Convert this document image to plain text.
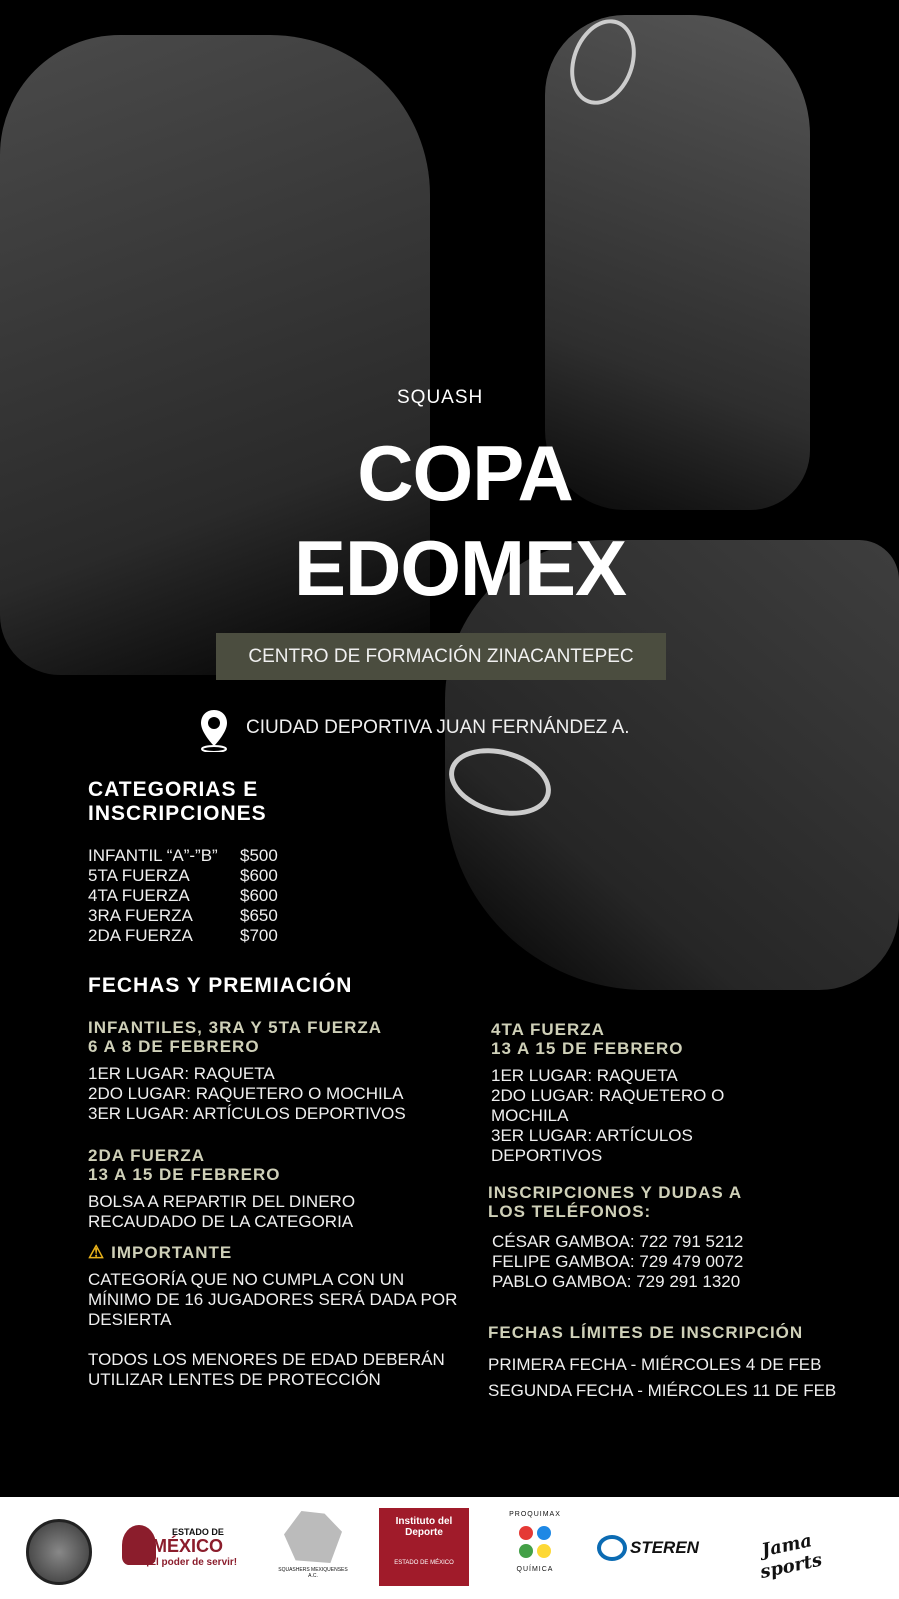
SQUASH
COPA
EDOMEX
CENTRO DE FORMACIÓN ZINACANTEPEC
CIUDAD DEPORTIVA JUAN FERNÁNDEZ A.
CATEGORIAS E
INSCRIPCIONES
INFANTIL “A”-”B”	$500
5TA FUERZA	$600
4TA FUERZA	$600
3RA FUERZA	$650
2DA FUERZA	$700
FECHAS Y PREMIACIÓN
INFANTILES, 3RA Y 5TA FUERZA
6 A 8 DE FEBRERO
1ER LUGAR: RAQUETA
2DO LUGAR: RAQUETERO O MOCHILA
3ER LUGAR: ARTÍCULOS DEPORTIVOS
2DA FUERZA
13 A 15 DE FEBRERO
BOLSA A REPARTIR DEL DINERO
RECAUDADO DE LA CATEGORIA
⚠ IMPORTANTE
CATEGORÍA QUE NO CUMPLA CON UN
MÍNIMO DE 16 JUGADORES SERÁ DADA POR
DESIERTA
TODOS LOS MENORES DE EDAD DEBERÁN
UTILIZAR LENTES DE PROTECCIÓN
4TA FUERZA
13 A 15 DE FEBRERO
1ER LUGAR: RAQUETA
2DO LUGAR: RAQUETERO O
MOCHILA
3ER LUGAR: ARTÍCULOS
DEPORTIVOS
INSCRIPCIONES Y DUDAS A
LOS TELÉFONOS:
CÉSAR GAMBOA: 722 791 5212
FELIPE GAMBOA: 729 479 0072
PABLO GAMBOA: 729 291 1320
FECHAS LÍMITES DE INSCRIPCIÓN
PRIMERA FECHA - MIÉRCOLES 4 DE FEB
SEGUNDA FECHA - MIÉRCOLES 11 DE FEB
ESTADO DE
MÉXICO
¡El poder de servir!
SQUASHERS MEXIQUENSES A.C.
Instituto del
Deporte
ESTADO DE MÉXICO
PROQUIMAX
QUÍMICA
STEREN	Jama sports
